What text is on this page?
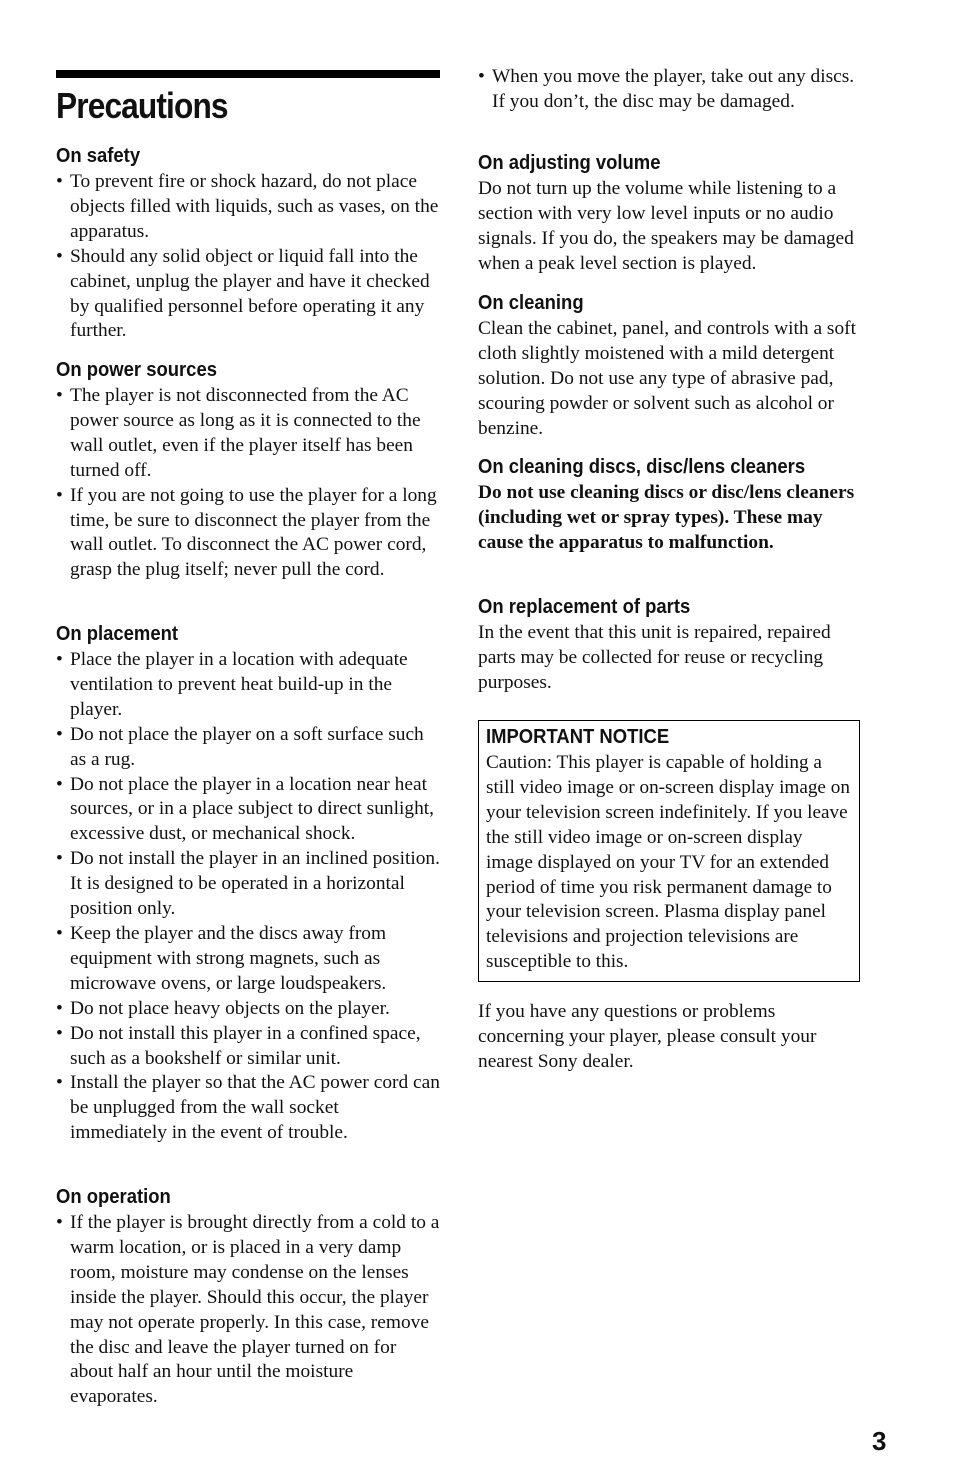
Precautions
On safety
• To prevent fire or shock hazard, do not place objects filled with liquids, such as vases, on the apparatus.
• Should any solid object or liquid fall into the cabinet, unplug the player and have it checked by qualified personnel before operating it any further.
On power sources
• The player is not disconnected from the AC power source as long as it is connected to the wall outlet, even if the player itself has been turned off.
• If you are not going to use the player for a long time, be sure to disconnect the player from the wall outlet. To disconnect the AC power cord, grasp the plug itself; never pull the cord.
On placement
• Place the player in a location with adequate ventilation to prevent heat build-up in the player.
• Do not place the player on a soft surface such as a rug.
• Do not place the player in a location near heat sources, or in a place subject to direct sunlight, excessive dust, or mechanical shock.
• Do not install the player in an inclined position. It is designed to be operated in a horizontal position only.
• Keep the player and the discs away from equipment with strong magnets, such as microwave ovens, or large loudspeakers.
• Do not place heavy objects on the player.
• Do not install this player in a confined space, such as a bookshelf or similar unit.
• Install the player so that the AC power cord can be unplugged from the wall socket immediately in the event of trouble.
On operation
• If the player is brought directly from a cold to a warm location, or is placed in a very damp room, moisture may condense on the lenses inside the player. Should this occur, the player may not operate properly. In this case, remove the disc and leave the player turned on for about half an hour until the moisture evaporates.
• When you move the player, take out any discs. If you don’t, the disc may be damaged.
On adjusting volume

Do not turn up the volume while listening to a section with very low level inputs or no audio signals. If you do, the speakers may be damaged when a peak level section is played.

On cleaning

Clean the cabinet, panel, and controls with a soft cloth slightly moistened with a mild detergent solution. Do not use any type of abrasive pad, scouring powder or solvent such as alcohol or benzine.

On cleaning discs, disc/lens cleaners

Do not use cleaning discs or disc/lens cleaners (including wet or spray types). These may cause the apparatus to malfunction.

On replacement of parts

In the event that this unit is repaired, repaired parts may be collected for reuse or recycling purposes.

IMPORTANT NOTICE

Caution: This player is capable of holding a still video image or on-screen display image on your television screen indefinitely. If you leave the still video image or on-screen display image displayed on your TV for an extended period of time you risk permanent damage to your television screen. Plasma display panel televisions and projection televisions are susceptible to this.

If you have any questions or problems concerning your player, please consult your nearest Sony dealer.

3
